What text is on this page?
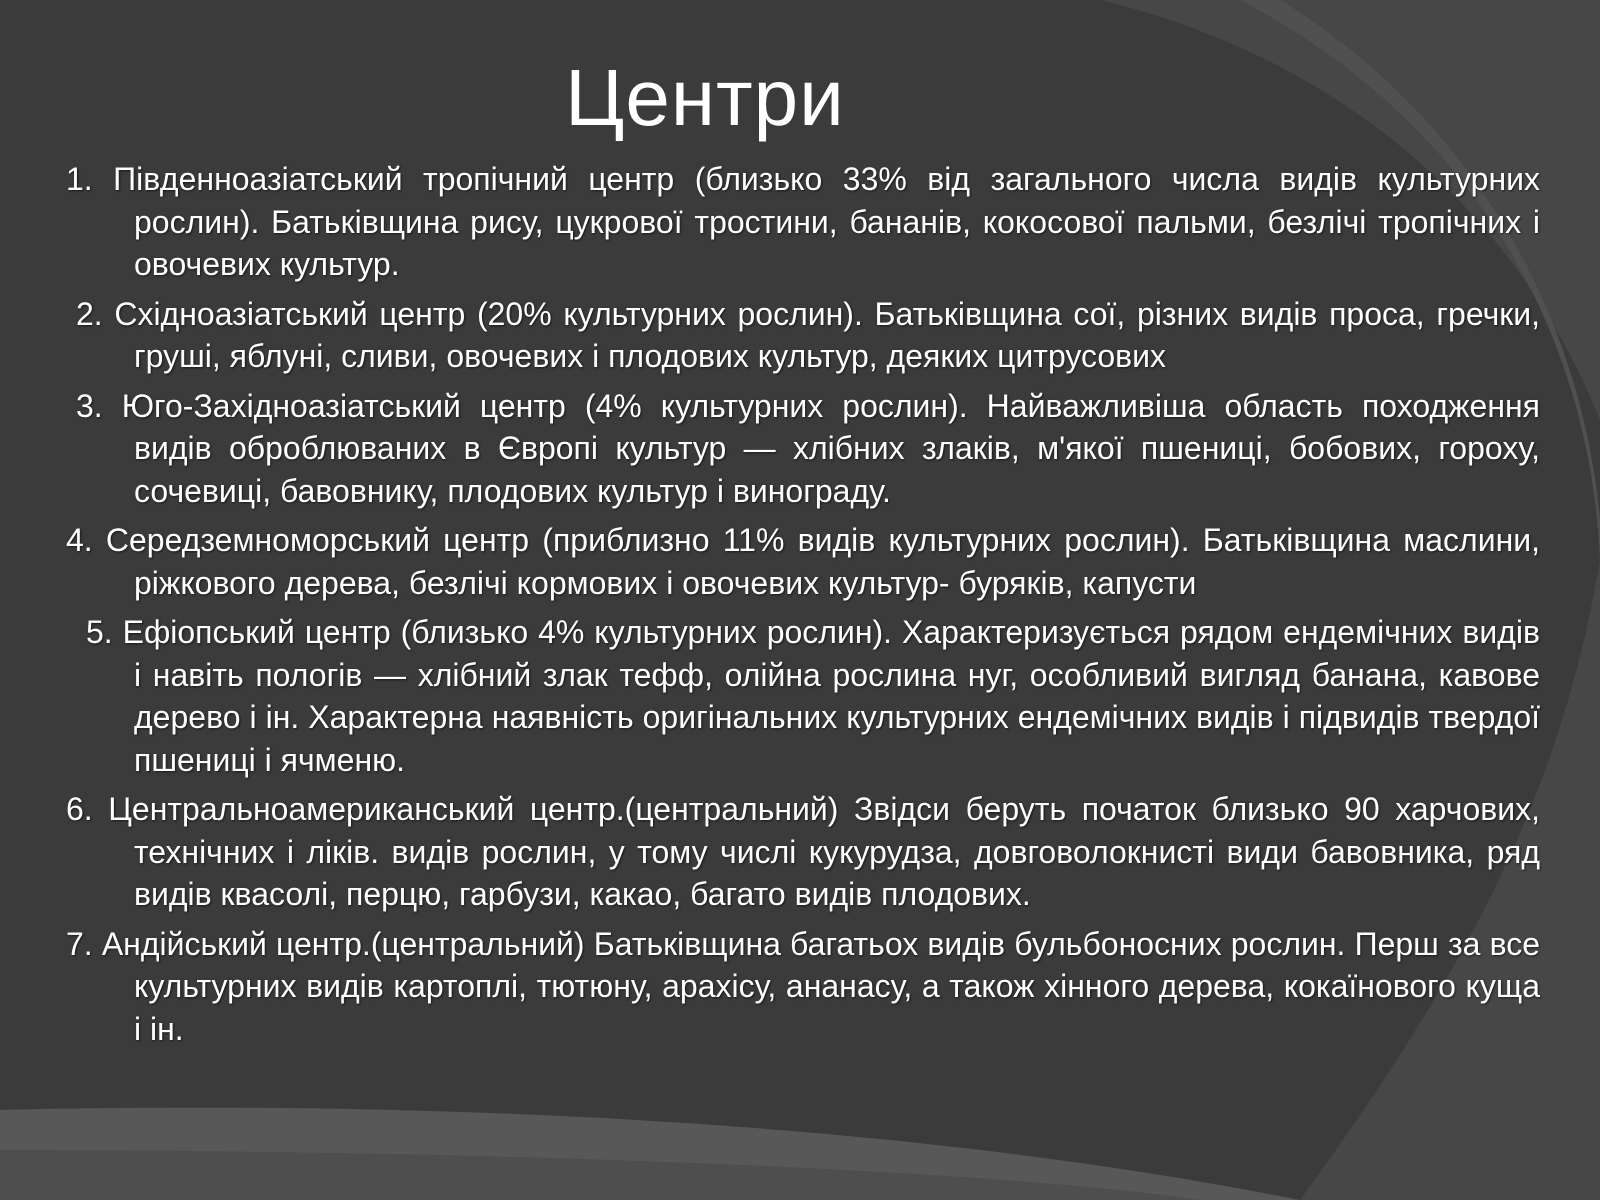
Центри
1. Південноазіатський тропічний центр (близько 33% від загального числа видів культурних рослин). Батьківщина рису, цукрової тростини, бананів, кокосової пальми, безлічі тропічних і овочевих культур.
2. Східноазіатський центр (20% культурних рослин). Батьківщина сої, різних видів проса, гречки, груші, яблуні, сливи, овочевих і плодових культур, деяких цитрусових
3. Юго-Західноазіатський центр (4% культурних рослин). Найважливіша область походження видів оброблюваних в Європі культур — хлібних злаків, м'якої пшениці, бобових, гороху, сочевиці, бавовнику, плодових культур і винограду.
4. Середземноморський центр (приблизно 11% видів культурних рослин). Батьківщина маслини, ріжкового дерева, безлічі кормових і овочевих культур- буряків, капусти
5. Ефіопський центр (близько 4% культурних рослин). Характеризується рядом ендемічних видів і навіть пологів — хлібний злак тефф, олійна рослина нуг, особливий вигляд банана, кавове дерево і ін. Характерна наявність оригінальних культурних ендемічних видів і підвидів твердої пшениці і ячменю.
6. Центральноамериканський центр.(центральний) Звідси беруть початок близько 90 харчових, технічних і ліків. видів рослин, у тому числі кукурудза, довговолокнисті види бавовника, ряд видів квасолі, перцю, гарбузи, какао, багато видів плодових.
7. Андійський центр.(центральний) Батьківщина багатьох видів бульбоносних рослин. Перш за все культурних видів картоплі, тютюну, арахісу, ананасу, а також хінного дерева, кокаїнового куща і ін.
